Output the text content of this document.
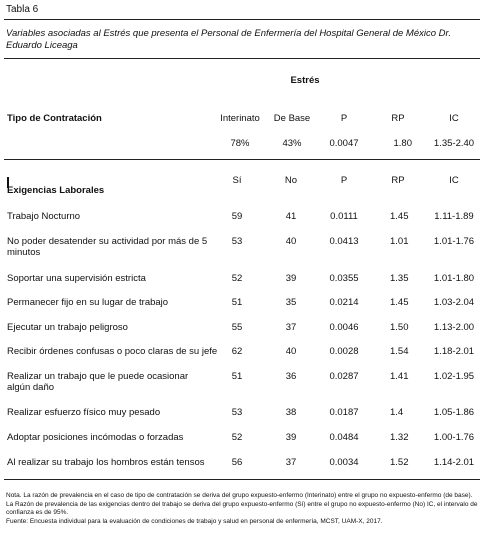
Tabla 6
Variables asociadas al Estrés que presenta el Personal de Enfermería del Hospital General de México Dr. Eduardo Liceaga
Estrés
Tipo de Contratación	Interinato	De Base	P	RP	IC
78%	43%	0.0047	1.80 1.35-2.40
Exigencias Laborales
Sí	No	P	RP	IC
Trabajo Nocturno	59	41	0.0111	1.45	1.11-1.89
No poder desatender su actividad por más de 5 minutos
53	40	0.0413	1.01	1.01-1.76
Soportar una supervisión estricta	52	39	0.0355	1.35	1.01-1.80
Permanecer fijo en su lugar de trabajo	51	35	0.0214	1.45	1.03-2.04
Ejecutar un trabajo peligroso	55	37	0.0046	1.50	1.13-2.00
Recibir órdenes confusas o poco claras de su jefe	62	40	0.0028	1.54	1.18-2.01
Realizar un trabajo que le puede ocasionar algún daño
51	36	0.0287	1.41	1.02-1.95
Realizar esfuerzo físico muy pesado	53	38	0.0187	1.4	1.05-1.86
Adoptar posiciones incómodas o forzadas	52	39	0.0484	1.32	1.00-1.76
Al realizar su trabajo los hombros están tensos	56	37	0.0034	1.52	1.14-2.01
Nota. La razón de prevalencia en el caso de tipo de contratación se deriva del grupo expuesto-enfermo (Interinato) entre el grupo no expuesto-enfermo (de base).
La Razón de prevalencia de las exigencias dentro del trabajo se deriva del grupo expuesto-enfermo (Sí) entre el grupo no expuesto-enfermo (No) IC, el intervalo de confianza es de 95%.
Fuente: Encuesta individual para la evaluación de condiciones de trabajo y salud en personal de enfermería, MCST, UAM-X, 2017.
